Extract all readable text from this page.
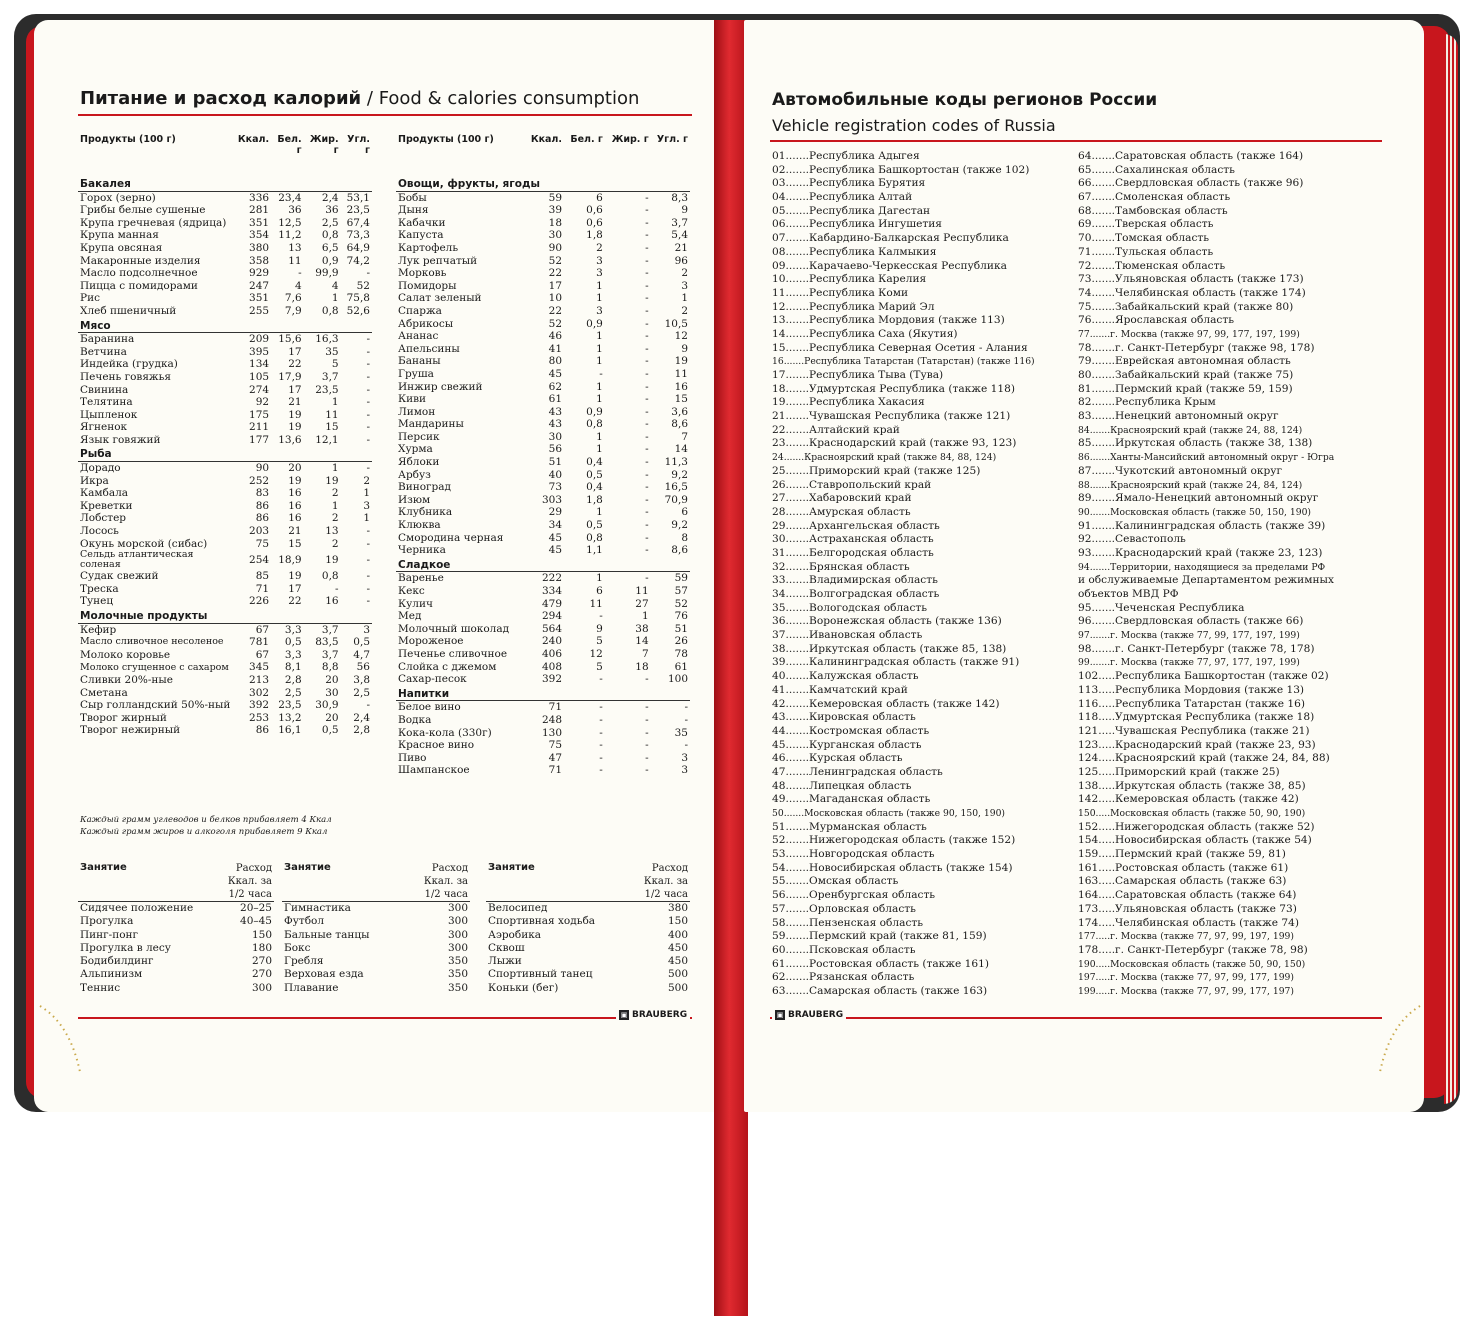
Питание и расход калорий / Food & calories consumption
Продукты (100 г)	Ккал.	Бел. г	Жир. г	Угл. г
Бакалея				
Горох (зерно)	336	23,4	2,4	53,1
Грибы белые сушеные	281	36	36	23,5
Крупа гречневая (ядрица)	351	12,5	2,5	67,4
Крупа манная	354	11,2	0,8	73,3
Крупа овсяная	380	13	6,5	64,9
Макаронные изделия	358	11	0,9	74,2
Масло подсолнечное	929	-	99,9	-
Пицца с помидорами	247	4	4	52
Рис	351	7,6	1	75,8
Хлеб пшеничный	255	7,9	0,8	52,6
Мясо				
Баранина	209	15,6	16,3	-
Ветчина	395	17	35	-
Индейка (грудка)	134	22	5	-
Печень говяжья	105	17,9	3,7	-
Свинина	274	17	23,5	-
Телятина	92	21	1	-
Цыпленок	175	19	11	-
Ягненок	211	19	15	-
Язык говяжий	177	13,6	12,1	-
Рыба				
Дорадо	90	20	1	-
Икра	252	19	19	2
Камбала	83	16	2	1
Креветки	86	16	1	3
Лобстер	86	16	2	1
Лосось	203	21	13	-
Окунь морской (сибас)	75	15	2	-
Сельдь атлантическая соленая	254	18,9	19	-
Судак свежий	85	19	0,8	-
Треска	71	17	-	-
Тунец	226	22	16	-
Молочные продукты				
Кефир	67	3,3	3,7	3
Масло сливочное несоленое	781	0,5	83,5	0,5
Молоко коровье	67	3,3	3,7	4,7
Молоко сгущенное с сахаром	345	8,1	8,8	56
Сливки 20%-ные	213	2,8	20	3,8
Сметана	302	2,5	30	2,5
Сыр голландский 50%-ный	392	23,5	30,9	-
Творог жирный	253	13,2	20	2,4
Творог нежирный	86	16,1	0,5	2,8
Продукты (100 г)	Ккал.	Бел. г	Жир. г	Угл. г
Овощи, фрукты, ягоды				
Бобы	59	6	-	8,3
Дыня	39	0,6	-	9
Кабачки	18	0,6	-	3,7
Капуста	30	1,8	-	5,4
Картофель	90	2	-	21
Лук репчатый	52	3	-	96
Морковь	22	3	-	2
Помидоры	17	1	-	3
Салат зеленый	10	1	-	1
Спаржа	22	3	-	2
Абрикосы	52	0,9	-	10,5
Ананас	46	1	-	12
Апельсины	41	1	-	9
Бананы	80	1	-	19
Груша	45	-	-	11
Инжир свежий	62	1	-	16
Киви	61	1	-	15
Лимон	43	0,9	-	3,6
Мандарины	43	0,8	-	8,6
Персик	30	1	-	7
Хурма	56	1	-	14
Яблоки	51	0,4	-	11,3
Арбуз	40	0,5	-	9,2
Виноград	73	0,4	-	16,5
Изюм	303	1,8	-	70,9
Клубника	29	1	-	6
Клюква	34	0,5	-	9,2
Смородина черная	45	0,8	-	8
Черника	45	1,1	-	8,6
Сладкое				
Варенье	222	1	-	59
Кекс	334	6	11	57
Кулич	479	11	27	52
Мед	294	-	1	76
Молочный шоколад	564	9	38	51
Мороженое	240	5	14	26
Печенье сливочное	406	12	7	78
Слойка с джемом	408	5	18	61
Сахар-песок	392	-	-	100
Напитки				
Белое вино	71	-	-	-
Водка	248	-	-	-
Кока-кола (330г)	130	-	-	35
Красное вино	75	-	-	-
Пиво	47	-	-	3
Шампанское	71	-	-	3
Каждый грамм углеводов и белков прибавляет 4 Ккал
Каждый грамм жиров и алкоголя прибавляет 9 Ккал
Занятие	Расход
Ккал. за
1/2 часа

Сидячее положение	20–25
Прогулка	40–45
Пинг-понг	150
Прогулка в лесу	180
Бодибилдинг	270
Альпинизм	270
Теннис	300
Занятие	Расход
Ккал. за
1/2 часа

Гимнастика	300
Футбол	300
Бальные танцы	300
Бокс	300
Гребля	350
Верховая езда	350
Плавание	350
Занятие	Расход
Ккал. за
1/2 часа

Велосипед	380
Спортивная ходьба	150
Аэробика	400
Сквош	450
Лыжи	450
Спортивный танец	500
Коньки (бег)	500
▣ BRAUBERG
Автомобильные коды регионов России
Vehicle registration codes of Russia
01.......Республика Адыгея
02.......Республика Башкортостан (также 102)
03.......Республика Бурятия
04.......Республика Алтай
05.......Республика Дагестан
06.......Республика Ингушетия
07.......Кабардино-Балкарская Республика
08.......Республика Калмыкия
09.......Карачаево-Черкесская Республика
10.......Республика Карелия
11.......Республика Коми
12.......Республика Марий Эл
13.......Республика Мордовия (также 113)
14.......Республика Саха (Якутия)
15.......Республика Северная Осетия - Алания
16.......Республика Татарстан (Татарстан) (также 116)
17.......Республика Тыва (Тува)
18.......Удмуртская Республика (также 118)
19.......Республика Хакасия
21.......Чувашская Республика (также 121)
22.......Алтайский край
23.......Краснодарский край (также 93, 123)
24.......Красноярский край (также 84, 88, 124)
25.......Приморский край (также 125)
26.......Ставропольский край
27.......Хабаровский край
28.......Амурская область
29.......Архангельская область
30.......Астраханская область
31.......Белгородская область
32.......Брянская область
33.......Владимирская область
34.......Волгоградская область
35.......Вологодская область
36.......Воронежская область (также 136)
37.......Ивановская область
38.......Иркутская область (также 85, 138)
39.......Калининградская область (также 91)
40.......Калужская область
41.......Камчатский край
42.......Кемеровская область (также 142)
43.......Кировская область
44.......Костромская область
45.......Курганская область
46.......Курская область
47.......Ленинградская область
48.......Липецкая область
49.......Магаданская область
50.......Московская область (также 90, 150, 190)
51.......Мурманская область
52.......Нижегородская область (также 152)
53.......Новгородская область
54.......Новосибирская область (также 154)
55.......Омская область
56.......Оренбургская область
57.......Орловская область
58.......Пензенская область
59.......Пермский край (также 81, 159)
60.......Псковская область
61.......Ростовская область (также 161)
62.......Рязанская область
63.......Самарская область (также 163)
64.......Саратовская область (также 164)
65.......Сахалинская область
66.......Свердловская область (также 96)
67.......Смоленская область
68.......Тамбовская область
69.......Тверская область
70.......Томская область
71.......Тульская область
72.......Тюменская область
73.......Ульяновская область (также 173)
74.......Челябинская область (также 174)
75.......Забайкальский край (также 80)
76.......Ярославская область
77.......г. Москва (также 97, 99, 177, 197, 199)
78.......г. Санкт-Петербург (также 98, 178)
79.......Еврейская автономная область
80.......Забайкальский край (также 75)
81.......Пермский край (также 59, 159)
82.......Республика Крым
83.......Ненецкий автономный округ
84.......Красноярский край (также 24, 88, 124)
85.......Иркутская область (также 38, 138)
86.......Ханты-Мансийский автономный округ - Югра
87.......Чукотский автономный округ
88.......Красноярский край (также 24, 84, 124)
89.......Ямало-Ненецкий автономный округ
90.......Московская область (также 50, 150, 190)
91.......Калининградская область (также 39)
92.......Севастополь
93.......Краснодарский край (также 23, 123)
94.......Территории, находящиеся за пределами РФ
и обслуживаемые Департаментом режимных
объектов МВД РФ
95.......Чеченская Республика
96.......Свердловская область (также 66)
97.......г. Москва (также 77, 99, 177, 197, 199)
98.......г. Санкт-Петербург (также 78, 178)
99.......г. Москва (также 77, 97, 177, 197, 199)
102.....Республика Башкортостан (также 02)
113.....Республика Мордовия (также 13)
116.....Республика Татарстан (также 16)
118.....Удмуртская Республика (также 18)
121.....Чувашская Республика (также 21)
123.....Краснодарский край (также 23, 93)
124.....Красноярский край (также 24, 84, 88)
125.....Приморский край (также 25)
138.....Иркутская область (также 38, 85)
142.....Кемеровская область (также 42)
150.....Московская область (также 50, 90, 190)
152.....Нижегородская область (также 52)
154.....Новосибирская область (также 54)
159.....Пермский край (также 59, 81)
161.....Ростовская область (также 61)
163.....Самарская область (также 63)
164.....Саратовская область (также 64)
173.....Ульяновская область (также 73)
174.....Челябинская область (также 74)
177.....г. Москва (также 77, 97, 99, 197, 199)
178.....г. Санкт-Петербург (также 78, 98)
190.....Московская область (также 50, 90, 150)
197.....г. Москва (также 77, 97, 99, 177, 199)
199.....г. Москва (также 77, 97, 99, 177, 197)
▣ BRAUBERG
